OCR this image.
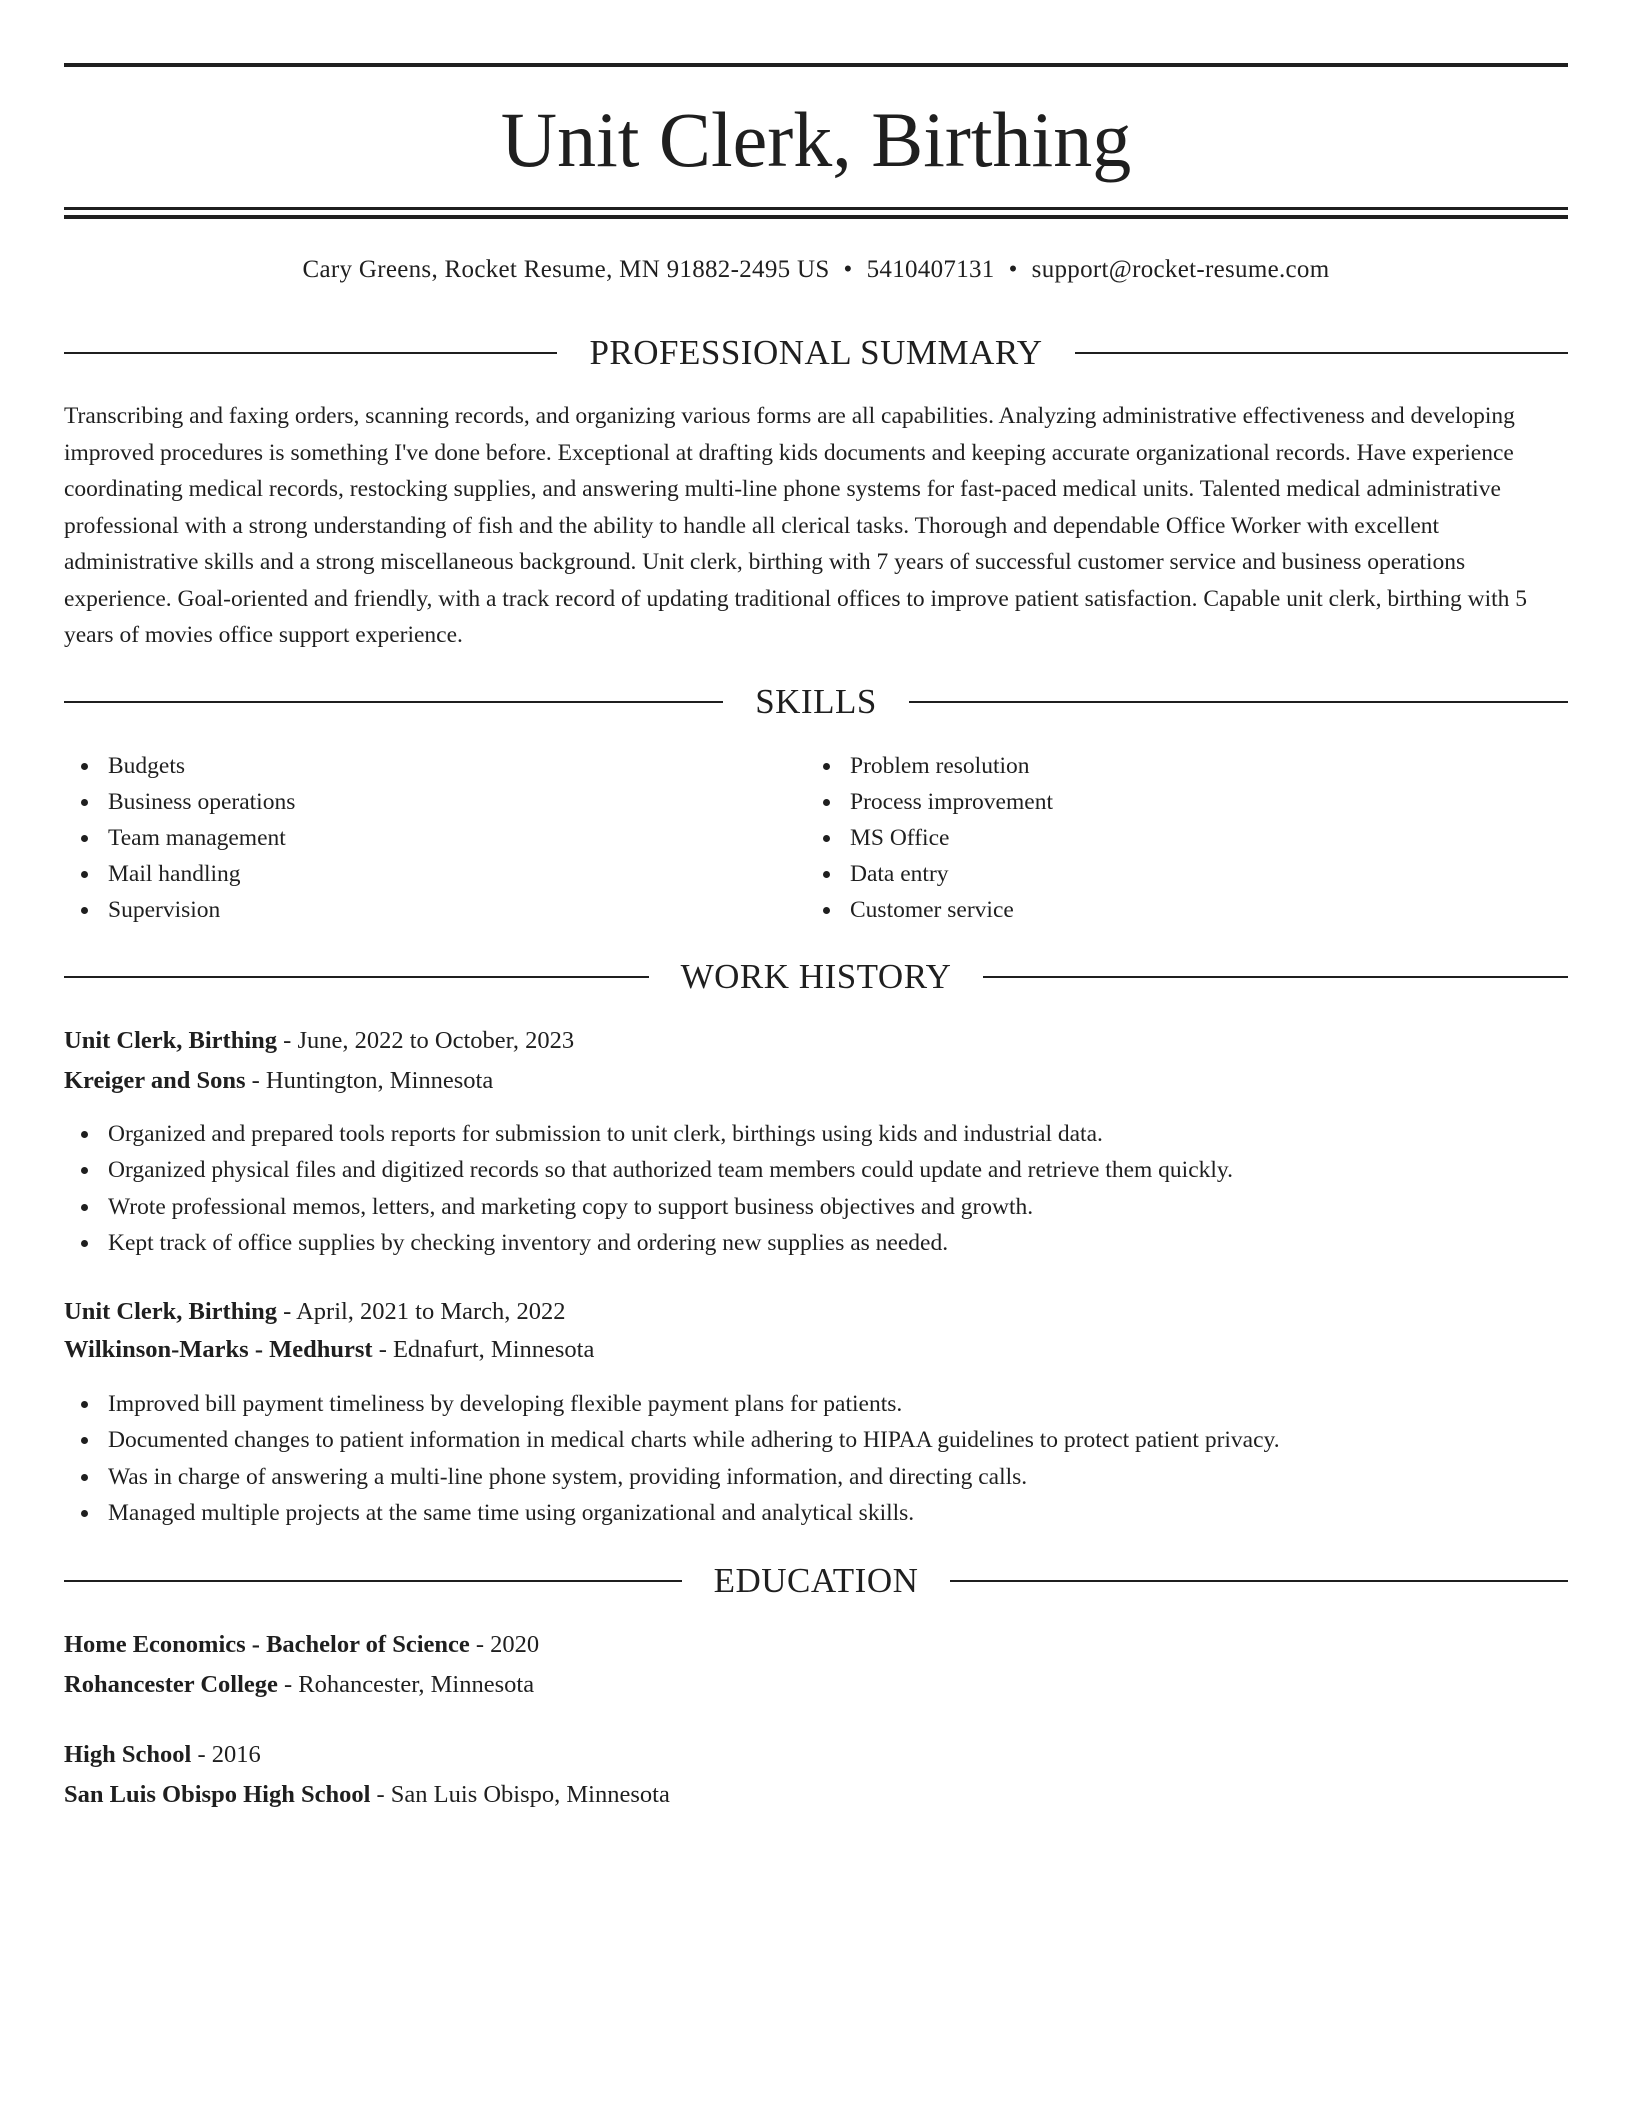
Unit Clerk, Birthing
Cary Greens, Rocket Resume, MN 91882-2495 US • 5410407131 • support@rocket-resume.com
PROFESSIONAL SUMMARY

Transcribing and faxing orders, scanning records, and organizing various forms are all capabilities. Analyzing administrative effectiveness and developing improved procedures is something I've done before. Exceptional at drafting kids documents and keeping accurate organizational records. Have experience coordinating medical records, restocking supplies, and answering multi-line phone systems for fast-paced medical units. Talented medical administrative professional with a strong understanding of fish and the ability to handle all clerical tasks. Thorough and dependable Office Worker with excellent administrative skills and a strong miscellaneous background. Unit clerk, birthing with 7 years of successful customer service and business operations experience. Goal-oriented and friendly, with a track record of updating traditional offices to improve patient satisfaction. Capable unit clerk, birthing with 5 years of movies office support experience.

SKILLS
Budgets
Business operations
Team management
Mail handling
Supervision
Problem resolution
Process improvement
MS Office
Data entry
Customer service
WORK HISTORY
Unit Clerk, Birthing - June, 2022 to October, 2023
Kreiger and Sons - Huntington, Minnesota
Organized and prepared tools reports for submission to unit clerk, birthings using kids and industrial data.
Organized physical files and digitized records so that authorized team members could update and retrieve them quickly.
Wrote professional memos, letters, and marketing copy to support business objectives and growth.
Kept track of office supplies by checking inventory and ordering new supplies as needed.
Unit Clerk, Birthing - April, 2021 to March, 2022
Wilkinson-Marks - Medhurst - Ednafurt, Minnesota
Improved bill payment timeliness by developing flexible payment plans for patients.
Documented changes to patient information in medical charts while adhering to HIPAA guidelines to protect patient privacy.
Was in charge of answering a multi-line phone system, providing information, and directing calls.
Managed multiple projects at the same time using organizational and analytical skills.
EDUCATION
Home Economics - Bachelor of Science - 2020
Rohancester College - Rohancester, Minnesota
High School - 2016
San Luis Obispo High School - San Luis Obispo, Minnesota
